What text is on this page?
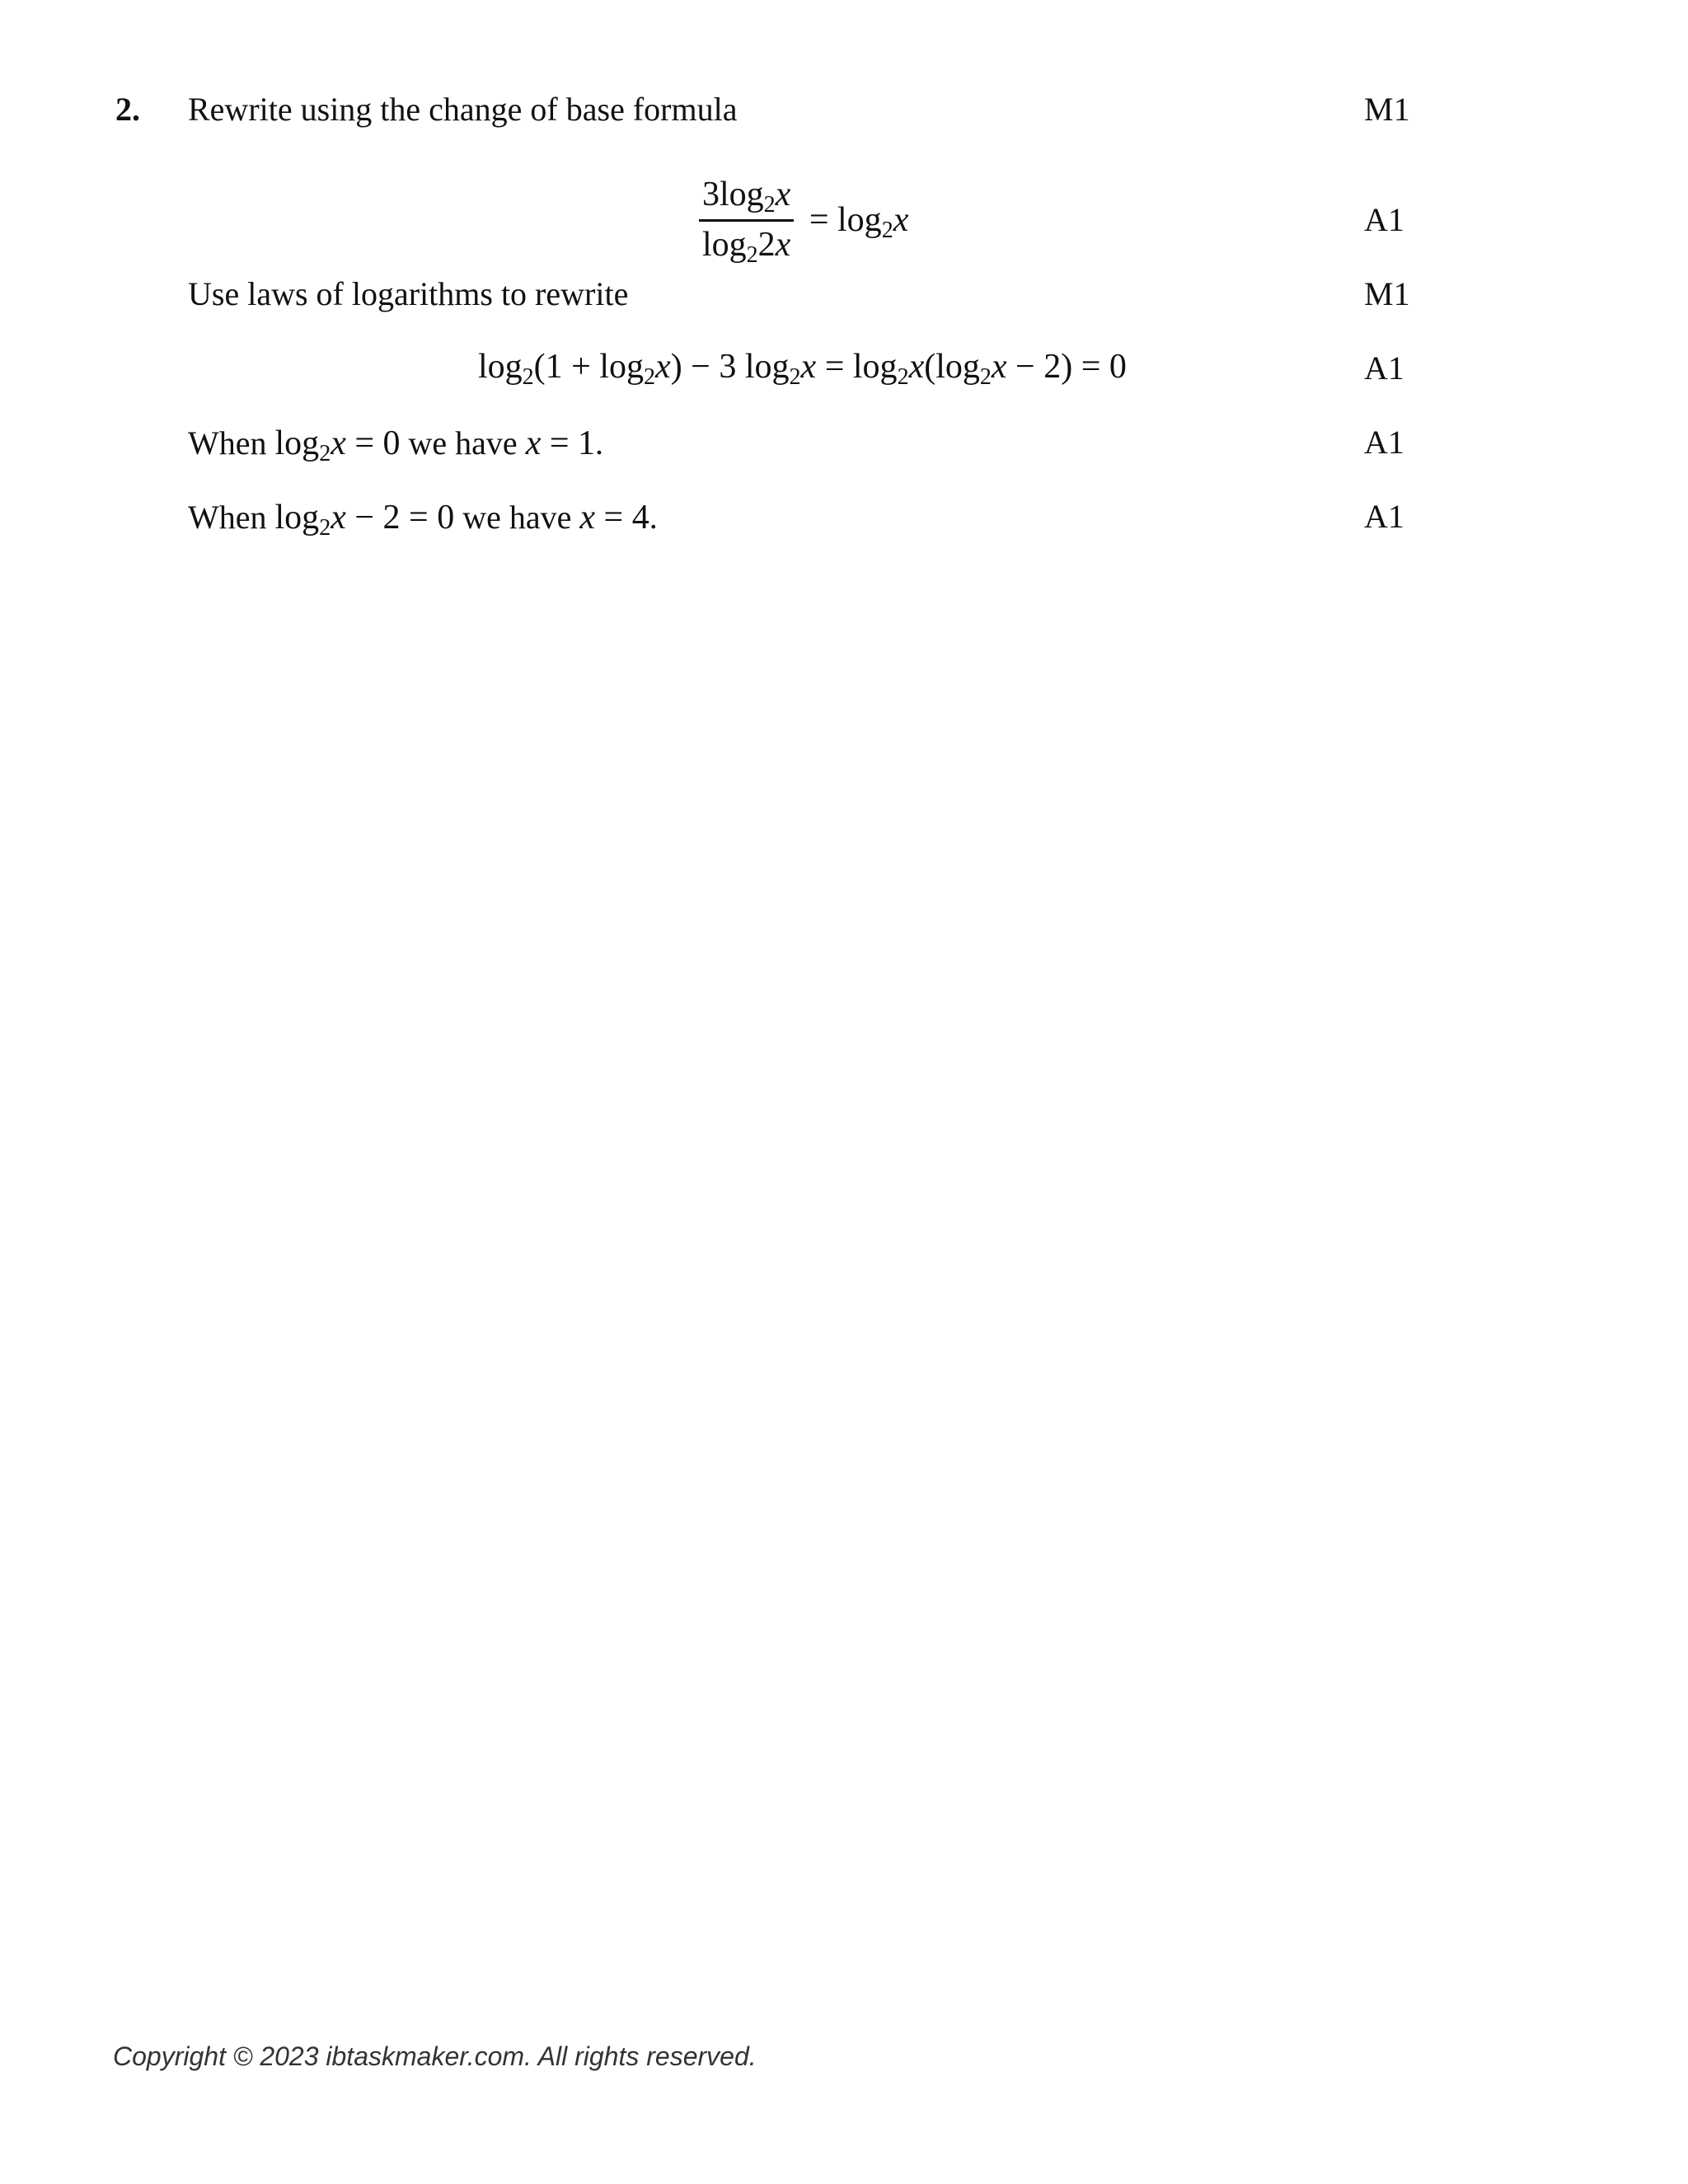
2. Rewrite using the change of base formula	M1
$\frac{3\log_2x}{\log_22x} = \log_2x$	A1
Use laws of logarithms to rewrite	M1
$\log_2(1 + \log_2x) - 3$ $\log_2x = \log_2x(\log_2x - 2) = 0$	A1
When $\log_2x = 0$ we have x = 1.	A1
When $\log_2x - 2 = 0$ we have x = 4.	A1
Copyright © 2023 ibtaskmaker.com. All rights reserved.
